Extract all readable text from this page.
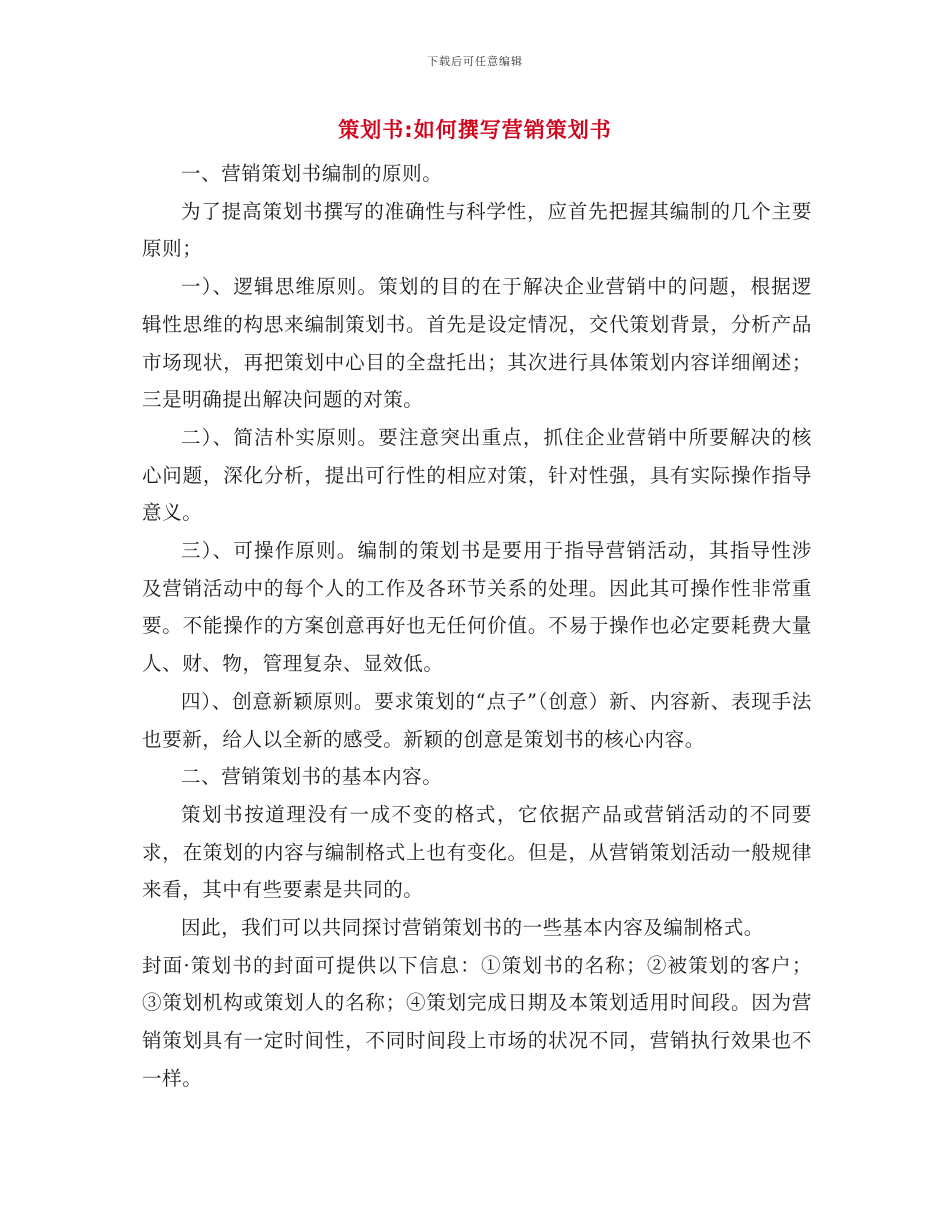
下载后可任意编辑
策划书:如何撰写营销策划书

一、营销策划书编制的原则。

为了提高策划书撰写的准确性与科学性，应首先把握其编制的几个主要原则；

一）、逻辑思维原则。策划的目的在于解决企业营销中的问题，根据逻辑性思维的构思来编制策划书。首先是设定情况，交代策划背景，分析产品市场现状，再把策划中心目的全盘托出；其次进行具体策划内容详细阐述；三是明确提出解决问题的对策。

二）、简洁朴实原则。要注意突出重点，抓住企业营销中所要解决的核心问题，深化分析，提出可行性的相应对策，针对性强，具有实际操作指导意义。

三）、可操作原则。编制的策划书是要用于指导营销活动，其指导性涉及营销活动中的每个人的工作及各环节关系的处理。因此其可操作性非常重要。不能操作的方案创意再好也无任何价值。不易于操作也必定要耗费大量人、财、物，管理复杂、显效低。

四）、创意新颖原则。要求策划的“点子”（创意）新、内容新、表现手法也要新，给人以全新的感受。新颖的创意是策划书的核心内容。

二、营销策划书的基本内容。

策划书按道理没有一成不变的格式，它依据产品或营销活动的不同要求，在策划的内容与编制格式上也有变化。但是，从营销策划活动一般规律来看，其中有些要素是共同的。

因此，我们可以共同探讨营销策划书的一些基本内容及编制格式。

封面·策划书的封面可提供以下信息：①策划书的名称；②被策划的客户；③策划机构或策划人的名称；④策划完成日期及本策划适用时间段。因为营销策划具有一定时间性，不同时间段上市场的状况不同，营销执行效果也不一样。
